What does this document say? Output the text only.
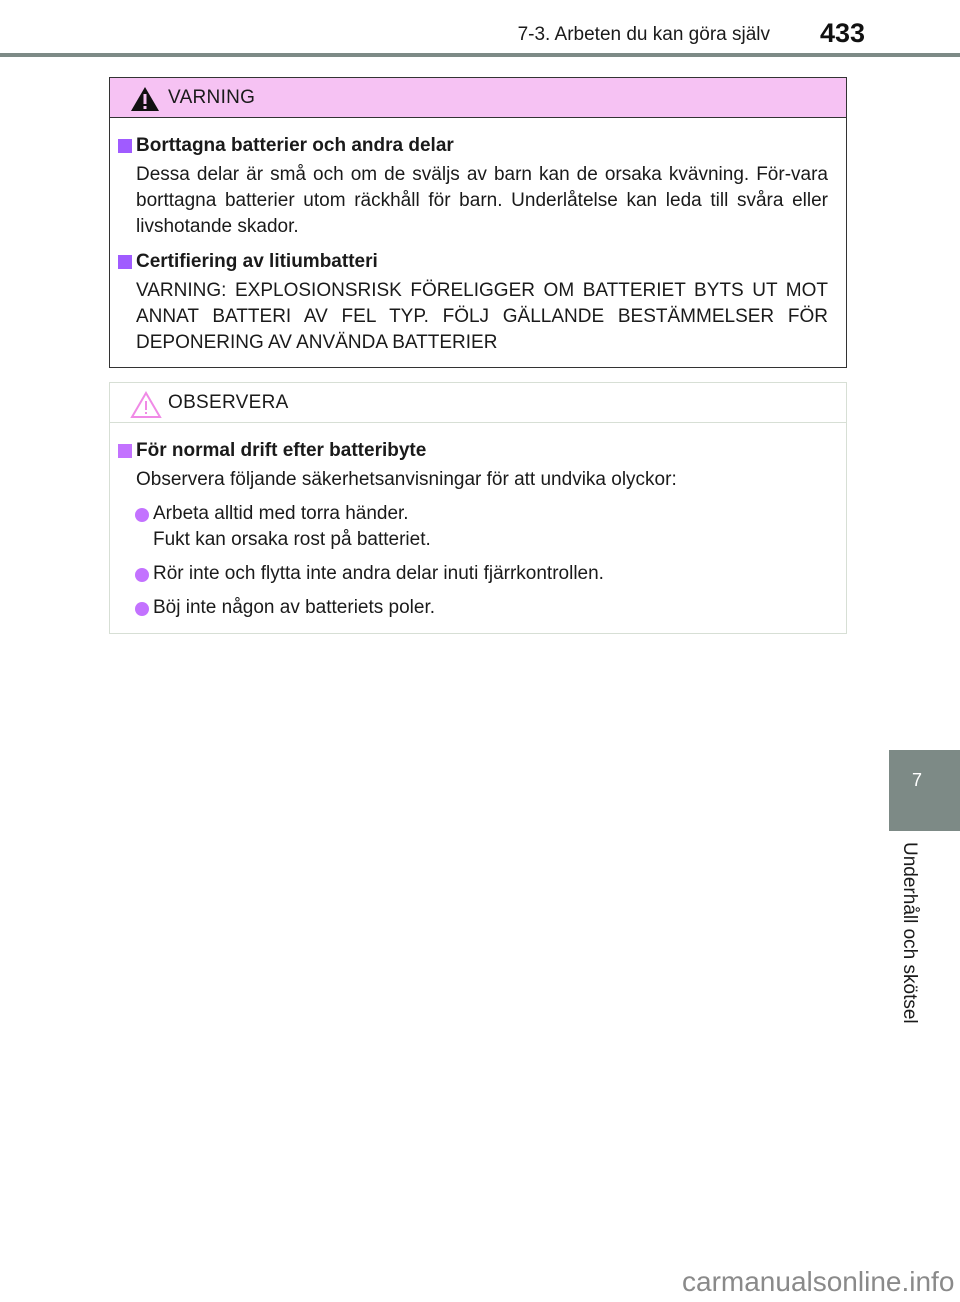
7-3. Arbeten du kan göra själv 433
VARNING
Borttagna batterier och andra delar
Dessa delar är små och om de sväljs av barn kan de orsaka kvävning. För-vara borttagna batterier utom räckhåll för barn. Underlåtelse kan leda till svåra eller livshotande skador.
Certifiering av litiumbatteri
VARNING: EXPLOSIONSRISK FÖRELIGGER OM BATTERIET BYTS UT MOT ANNAT BATTERI AV FEL TYP. FÖLJ GÄLLANDE BESTÄMMELSER FÖR DEPONERING AV ANVÄNDA BATTERIER
OBSERVERA
För normal drift efter batteribyte
Observera följande säkerhetsanvisningar för att undvika olyckor:
Arbeta alltid med torra händer.
Fukt kan orsaka rost på batteriet.
Rör inte och flytta inte andra delar inuti fjärrkontrollen.
Böj inte någon av batteriets poler.
7
Underhåll och skötsel
carmanualsonline.info
